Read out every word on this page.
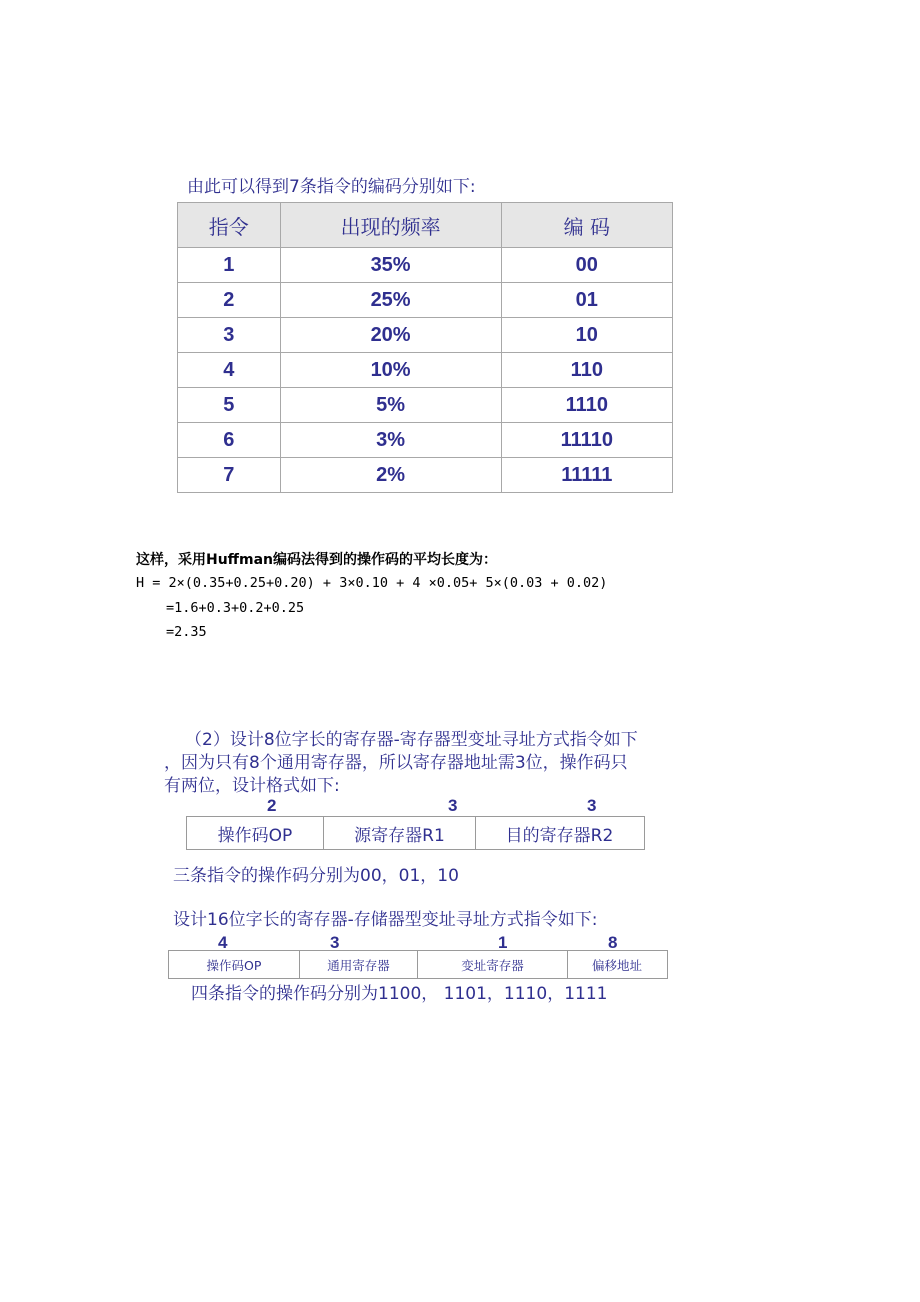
由此可以得到7条指令的编码分别如下:
指令	出现的频率	编 码
1	35%	00
2	25%	01
3	20%	10
4	10%	110
5	5%	1110
6	3%	11110
7	2%	11111
这样，采用Huffman编码法得到的操作码的平均长度为：
H = 2×(0.35+0.25+0.20) + 3×0.10 + 4 ×0.05+ 5×(0.03 + 0.02)
=1.6+0.3+0.2+0.25
=2.35
（2）设计8位字长的寄存器-寄存器型变址寻址方式指令如下
，因为只有8个通用寄存器，所以寄存器地址需3位，操作码只
有两位，设计格式如下:
2	3	3
操作码OP	源寄存器R1	目的寄存器R2
三条指令的操作码分别为00，01，10
设计16位字长的寄存器-存储器型变址寻址方式指令如下:
4	3	1	8
操作码OP	通用寄存器	变址寄存器	偏移地址
四条指令的操作码分别为1100， 1101，1110，1111
